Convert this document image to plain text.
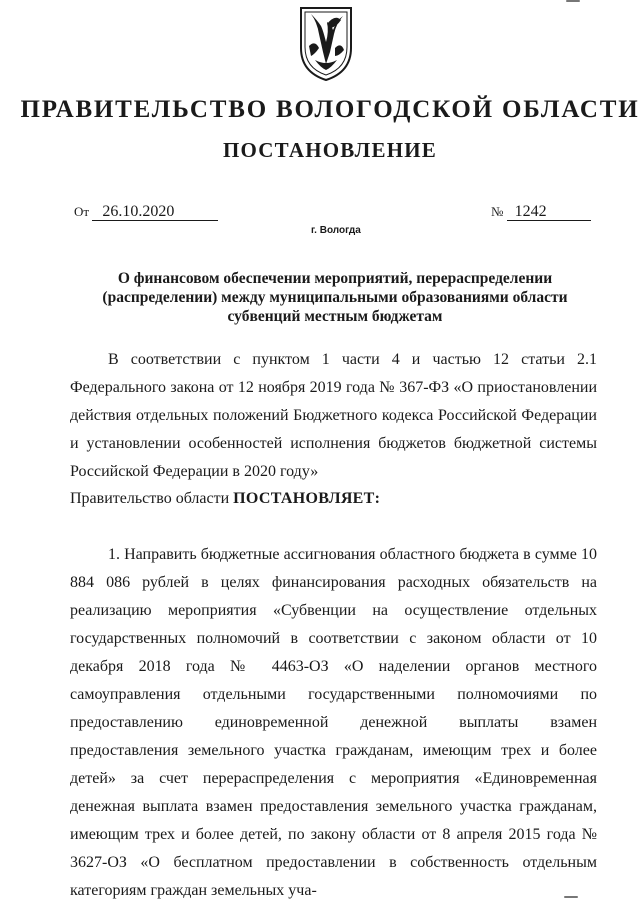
ПРАВИТЕЛЬСТВО ВОЛОГОДСКОЙ ОБЛАСТИ
ПОСТАНОВЛЕНИЕ
От 26.10.2020
г. Вологда
№ 1242
О финансовом обеспечении мероприятий, перераспределении (распределении) между муниципальными образованиями области субвенций местным бюджетам
В соответствии с пунктом 1 части 4 и частью 12 статьи 2.1 Федерального закона от 12 ноября 2019 года № 367-ФЗ «О приостановлении действия отдельных положений Бюджетного кодекса Российской Федерации и установлении особенностей исполнения бюджетов бюджетной системы Российской Федерации в 2020 году»
Правительство области ПОСТАНОВЛЯЕТ:
1. Направить бюджетные ассигнования областного бюджета в сумме 10 884 086 рублей в целях финансирования расходных обязательств на реализацию мероприятия «Субвенции на осуществление отдельных государственных полномочий в соответствии с законом области от 10 декабря 2018 года № 4463-ОЗ «О наделении органов местного самоуправления отдельными государственными полномочиями по предоставлению единовременной денежной выплаты взамен предоставления земельного участка гражданам, имеющим трех и более детей» за счет перераспределения с мероприятия «Единовременная денежная выплата взамен предоставления земельного участка гражданам, имеющим трех и более детей, по закону области от 8 апреля 2015 года № 3627-ОЗ «О бесплатном предоставлении в собственность отдельным категориям граждан земельных уча-
